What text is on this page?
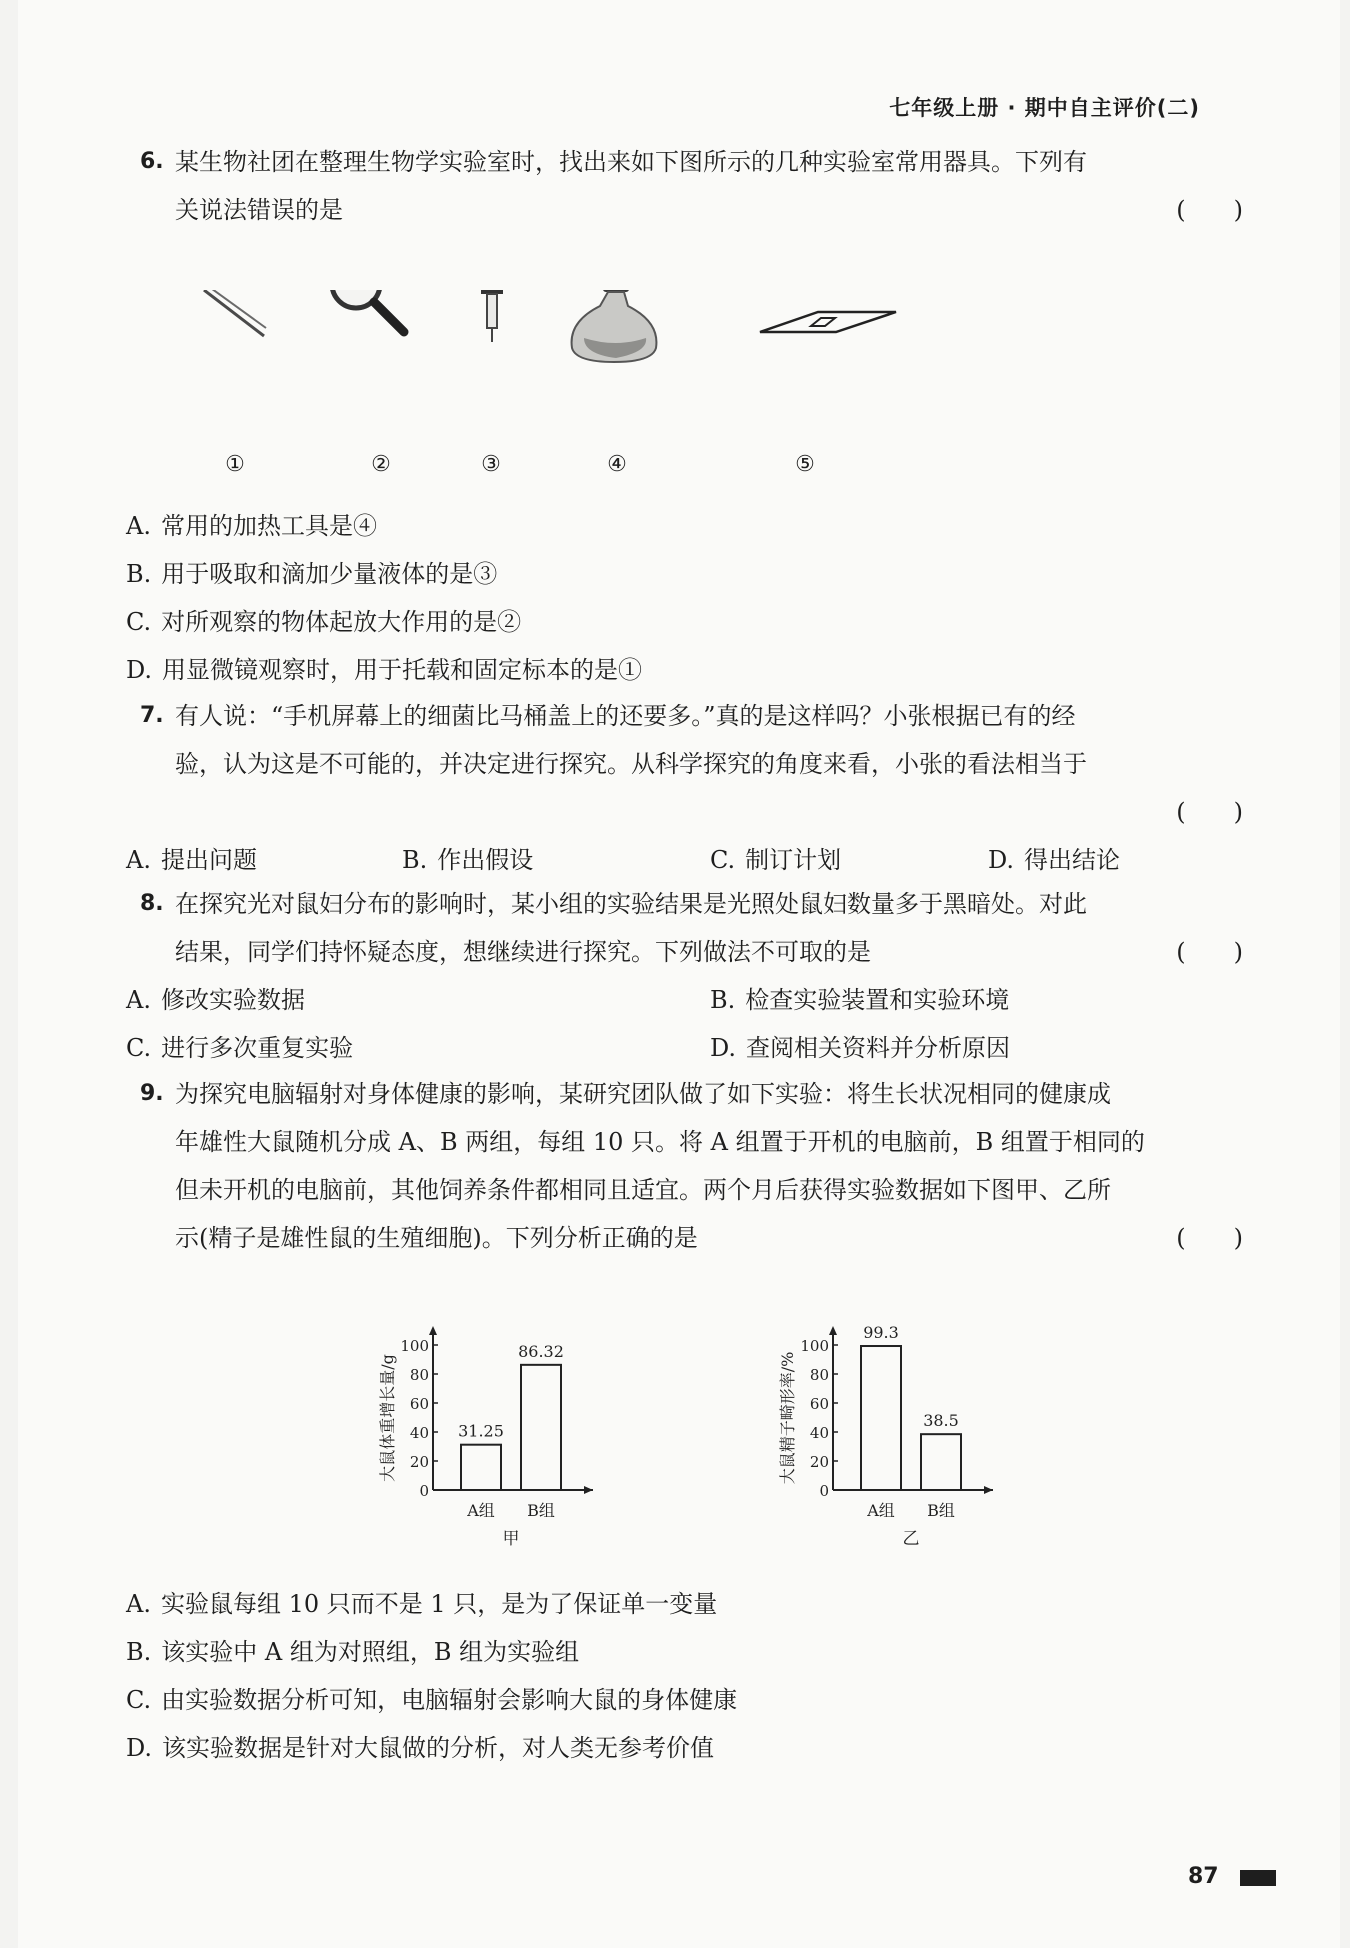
七年级上册 · 期中自主评价(二)
6. 某生物社团在整理生物学实验室时，找出来如下图所示的几种实验室常用器具。下列有
关说法错误的是	(　　)
①	②	③	④	⑤
A. 常用的加热工具是④
B. 用于吸取和滴加少量液体的是③
C. 对所观察的物体起放大作用的是②
D. 用显微镜观察时，用于托载和固定标本的是①
7. 有人说：“手机屏幕上的细菌比马桶盖上的还要多。”真的是这样吗？小张根据已有的经
验，认为这是不可能的，并决定进行探究。从科学探究的角度来看，小张的看法相当于
(　　)
A. 提出问题	B. 作出假设	C. 制订计划	D. 得出结论
8. 在探究光对鼠妇分布的影响时，某小组的实验结果是光照处鼠妇数量多于黑暗处。对此
结果，同学们持怀疑态度，想继续进行探究。下列做法不可取的是	(　　)
A. 修改实验数据	B. 检查实验装置和实验环境
C. 进行多次重复实验	D. 查阅相关资料并分析原因
9. 为探究电脑辐射对身体健康的影响，某研究团队做了如下实验：将生长状况相同的健康成
年雄性大鼠随机分成 A、B 两组，每组 10 只。将 A 组置于开机的电脑前，B 组置于相同的
但未开机的电脑前，其他饲养条件都相同且适宜。两个月后获得实验数据如下图甲、乙所
示(精子是雄性鼠的生殖细胞)。下列分析正确的是	(　　)
0
20
40
60
80
100
大鼠体重增长量/g	31.25
A组
86.32
B组
甲
0
20
40
60
80
100
大鼠精子畸形率/%
99.3
A组
38.5
B组
乙
A. 实验鼠每组 10 只而不是 1 只，是为了保证单一变量
B. 该实验中 A 组为对照组，B 组为实验组
C. 由实验数据分析可知，电脑辐射会影响大鼠的身体健康
D. 该实验数据是针对大鼠做的分析，对人类无参考价值
87
